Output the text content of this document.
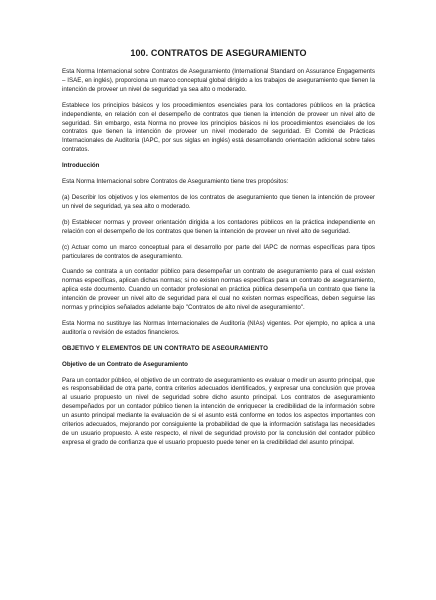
100. CONTRATOS DE ASEGURAMIENTO

Esta Norma Internacional sobre Contratos de Aseguramiento (International Standard on Assurance Engagements – ISAE, en inglés), proporciona un marco conceptual global dirigido a los trabajos de aseguramiento que tienen la intención de proveer un nivel de seguridad ya sea alto o moderado.

Establece los principios básicos y los procedimientos esenciales para los contadores públicos en la práctica independiente, en relación con el desempeño de contratos que tienen la intención de proveer un nivel alto de seguridad. Sin embargo, esta Norma no provee los principios básicos ni los procedimientos esenciales de los contratos que tienen la intención de proveer un nivel moderado de seguridad. El Comité de Prácticas Internacionales de Auditoría (IAPC, por sus siglas en inglés) está desarrollando orientación adicional sobre tales contratos.

Introducción

Esta Norma Internacional sobre Contratos de Aseguramiento tiene tres propósitos:

(a) Describir los objetivos y los elementos de los contratos de aseguramiento que tienen la intención de proveer un nivel de seguridad, ya sea alto o moderado.

(b) Establecer normas y proveer orientación dirigida a los contadores públicos en la práctica independiente en relación con el desempeño de los contratos que tienen la intención de proveer un nivel alto de seguridad.

(c) Actuar como un marco conceptual para el desarrollo por parte del IAPC de normas específicas para tipos particulares de contratos de aseguramiento.

Cuando se contrata a un contador público para desempeñar un contrato de aseguramiento para el cual existen normas específicas, aplican dichas normas; si no existen normas específicas para un contrato de aseguramiento, aplica este documento. Cuando un contador profesional en práctica pública desempeña un contrato que tiene la intención de proveer un nivel alto de seguridad para el cual no existen normas específicas, deben seguirse las normas y principios señalados adelante bajo "Contratos de alto nivel de aseguramiento".

Esta Norma no sustituye las Normas Internacionales de Auditoría (NIAs) vigentes. Por ejemplo, no aplica a una auditoría o revisión de estados financieros.

OBJETIVO Y ELEMENTOS DE UN CONTRATO DE ASEGURAMIENTO
Objetivo de un Contrato de Aseguramiento

Para un contador público, el objetivo de un contrato de aseguramiento es evaluar o medir un asunto principal, que es responsabilidad de otra parte, contra criterios adecuados identificados, y expresar una conclusión que provea al usuario propuesto un nivel de seguridad sobre dicho asunto principal. Los contratos de aseguramiento desempeñados por un contador público tienen la intención de enriquecer la credibilidad de la información sobre un asunto principal mediante la evaluación de si el asunto está conforme en todos los aspectos importantes con criterios adecuados, mejorando por consiguiente la probabilidad de que la información satisfaga las necesidades de un usuario propuesto. A este respecto, el nivel de seguridad provisto por la conclusión del contador público expresa el grado de confianza que el usuario propuesto puede tener en la credibilidad del asunto principal.
